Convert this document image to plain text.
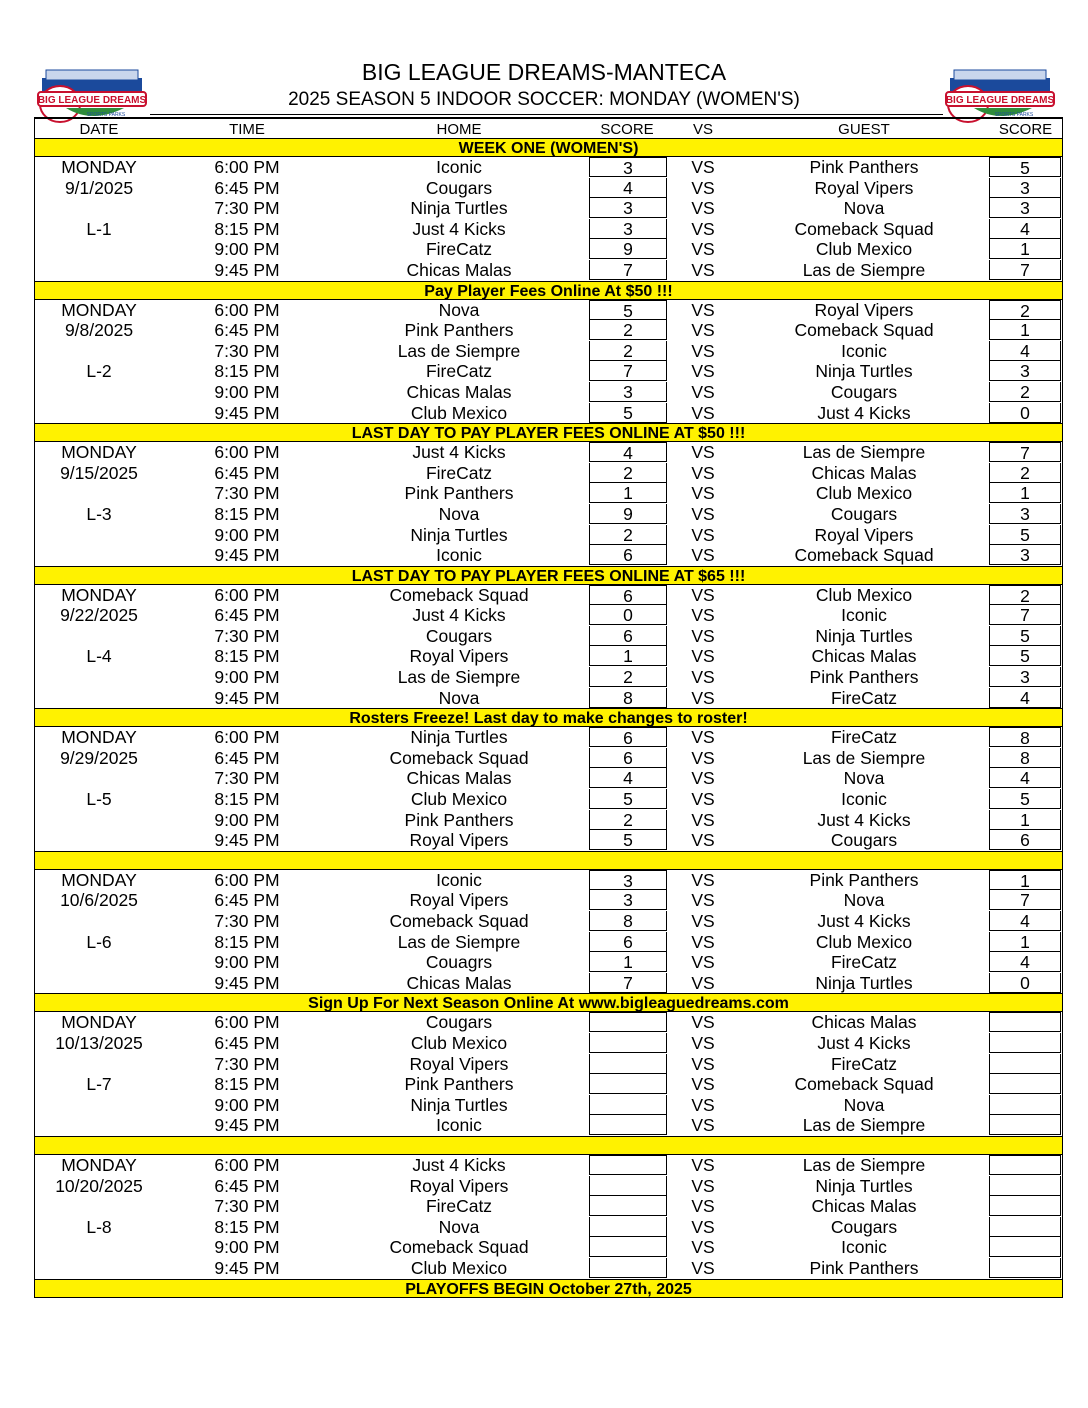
BIG LEAGUE DREAMS
SPORTS PARKS
BIG LEAGUE DREAMS
SPORTS PARKS
BIG LEAGUE DREAMS-MANTECA
2025 SEASON 5 INDOOR SOCCER: MONDAY (WOMEN'S)
DATE	TIME	HOME	SCORE	VS	GUEST	SCORE
WEEK ONE (WOMEN'S)
MONDAY	6:00 PM	Iconic	3	VS	Pink Panthers	5
9/1/2025	6:45 PM	Cougars	4	VS	Royal Vipers	3
7:30 PM	Ninja Turtles	3	VS	Nova	3
L-1	8:15 PM	Just 4 Kicks	3	VS	Comeback Squad	4
9:00 PM	FireCatz	9	VS	Club Mexico	1
9:45 PM	Chicas Malas	7	VS	Las de Siempre	7
Pay Player Fees Online At $50 !!!
MONDAY	6:00 PM	Nova	5	VS	Royal Vipers	2
9/8/2025	6:45 PM	Pink Panthers	2	VS	Comeback Squad	1
7:30 PM	Las de Siempre	2	VS	Iconic	4
L-2	8:15 PM	FireCatz	7	VS	Ninja Turtles	3
9:00 PM	Chicas Malas	3	VS	Cougars	2
9:45 PM	Club Mexico	5	VS	Just 4 Kicks	0
LAST DAY TO PAY PLAYER FEES ONLINE AT $50 !!!
MONDAY	6:00 PM	Just 4 Kicks	4	VS	Las de Siempre	7
9/15/2025	6:45 PM	FireCatz	2	VS	Chicas Malas	2
7:30 PM	Pink Panthers	1	VS	Club Mexico	1
L-3	8:15 PM	Nova	9	VS	Cougars	3
9:00 PM	Ninja Turtles	2	VS	Royal Vipers	5
9:45 PM	Iconic	6	VS	Comeback Squad	3
LAST DAY TO PAY PLAYER FEES ONLINE AT $65 !!!
MONDAY	6:00 PM	Comeback Squad	6	VS	Club Mexico	2
9/22/2025	6:45 PM	Just 4 Kicks	0	VS	Iconic	7
7:30 PM	Cougars	6	VS	Ninja Turtles	5
L-4	8:15 PM	Royal Vipers	1	VS	Chicas Malas	5
9:00 PM	Las de Siempre	2	VS	Pink Panthers	3
9:45 PM	Nova	8	VS	FireCatz	4
Rosters Freeze! Last day to make changes to roster!
MONDAY	6:00 PM	Ninja Turtles	6	VS	FireCatz	8
9/29/2025	6:45 PM	Comeback Squad	6	VS	Las de Siempre	8
7:30 PM	Chicas Malas	4	VS	Nova	4
L-5	8:15 PM	Club Mexico	5	VS	Iconic	5
9:00 PM	Pink Panthers	2	VS	Just 4 Kicks	1
9:45 PM	Royal Vipers	5	VS	Cougars	6
MONDAY	6:00 PM	Iconic	3	VS	Pink Panthers	1
10/6/2025	6:45 PM	Royal Vipers	3	VS	Nova	7
7:30 PM	Comeback Squad	8	VS	Just 4 Kicks	4
L-6	8:15 PM	Las de Siempre	6	VS	Club Mexico	1
9:00 PM	Couagrs	1	VS	FireCatz	4
9:45 PM	Chicas Malas	7	VS	Ninja Turtles	0
Sign Up For Next Season Online At www.bigleaguedreams.com
MONDAY	6:00 PM	Cougars	VS	Chicas Malas
10/13/2025	6:45 PM	Club Mexico	VS	Just 4 Kicks
7:30 PM	Royal Vipers	VS	FireCatz
L-7	8:15 PM	Pink Panthers	VS	Comeback Squad
9:00 PM	Ninja Turtles	VS	Nova
9:45 PM	Iconic	VS	Las de Siempre
MONDAY	6:00 PM	Just 4 Kicks	VS	Las de Siempre
10/20/2025	6:45 PM	Royal Vipers	VS	Ninja Turtles
7:30 PM	FireCatz	VS	Chicas Malas
L-8	8:15 PM	Nova	VS	Cougars
9:00 PM	Comeback Squad	VS	Iconic
9:45 PM	Club Mexico	VS	Pink Panthers
PLAYOFFS BEGIN October 27th, 2025
